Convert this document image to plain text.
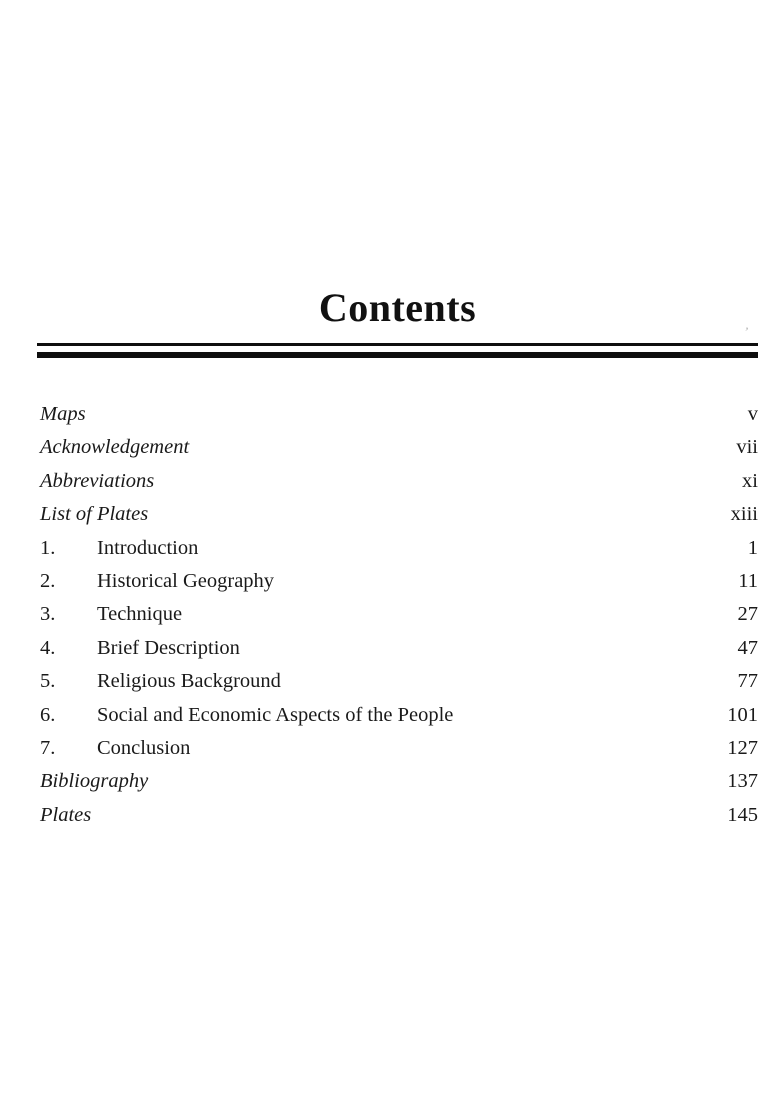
Contents
’
Maps	v
Acknowledgement	vii
Abbreviations	xi
List of Plates	xiii
1.	Introduction	1
2.	Historical Geography	11
3.	Technique	27
4.	Brief Description	47
5.	Religious Background	77
6.	Social and Economic Aspects of the People	101
7.	Conclusion	127
Bibliography	137
Plates	145
